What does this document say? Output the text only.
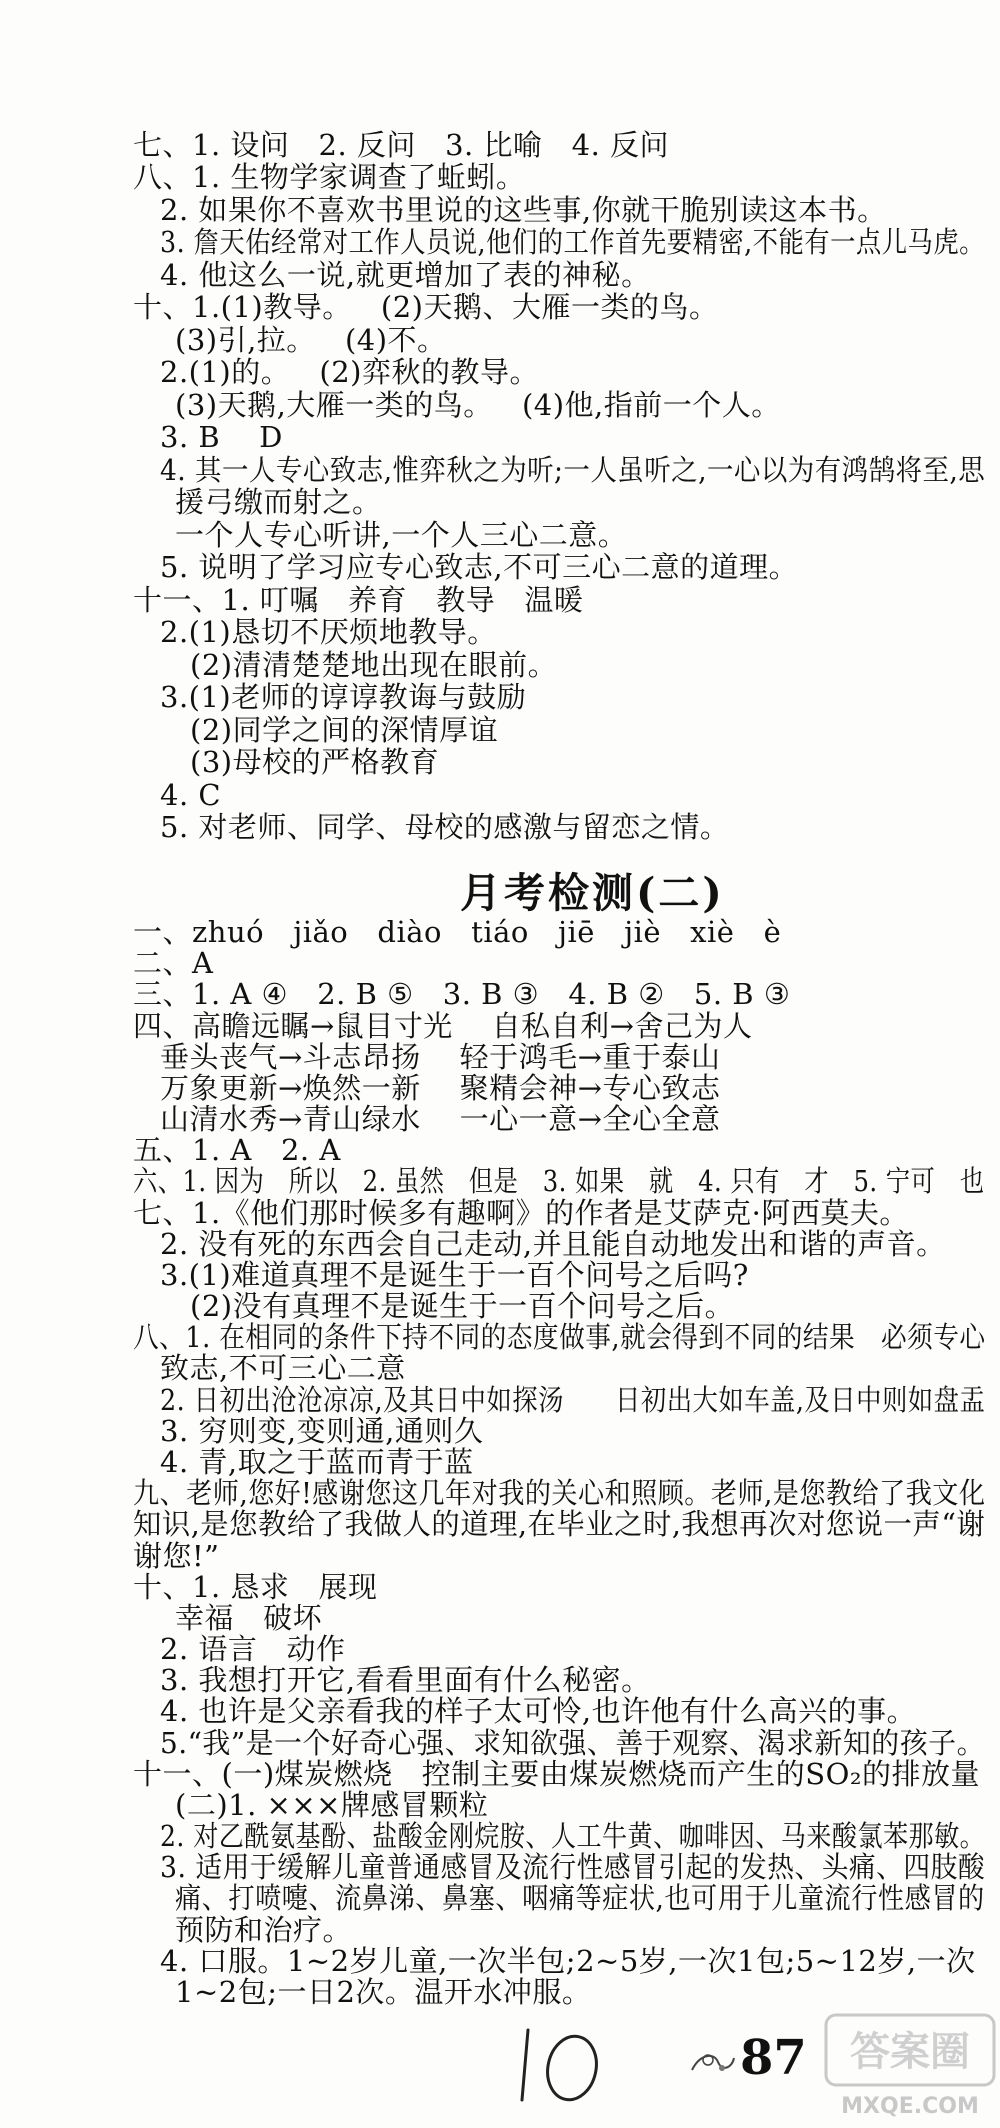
七、1. 设问   2. 反问   3. 比喻   4. 反问
八、1. 生物学家调查了蚯蚓。
2. 如果你不喜欢书里说的这些事,你就干脆别读这本书。
3. 詹天佑经常对工作人员说,他们的工作首先要精密,不能有一点儿马虎。
4. 他这么一说,就更增加了表的神秘。
十、1.(1)教导。   (2)天鹅、大雁一类的鸟。
(3)引,拉。   (4)不。
2.(1)的。   (2)弈秋的教导。
(3)天鹅,大雁一类的鸟。   (4)他,指前一个人。
3. B    D
4. 其一人专心致志,惟弈秋之为听;一人虽听之,一心以为有鸿鹄将至,思
援弓缴而射之。
一个人专心听讲,一个人三心二意。
5. 说明了学习应专心致志,不可三心二意的道理。
十一、1. 叮嘱   养育   教导   温暖
2.(1)恳切不厌烦地教导。
(2)清清楚楚地出现在眼前。
3.(1)老师的谆谆教诲与鼓励
(2)同学之间的深情厚谊
(3)母校的严格教育
4. C
5. 对老师、同学、母校的感激与留恋之情。
月考检测(二)
一、zhuó   jiǎo   diào   tiáo   jiē   jiè   xiè   è
二、A
三、1. A ④   2. B ⑤   3. B ③   4. B ②   5. B ③
四、高瞻远瞩→鼠目寸光    自私自利→舍己为人
垂头丧气→斗志昂扬    轻于鸿毛→重于泰山
万象更新→焕然一新    聚精会神→专心致志
山清水秀→青山绿水    一心一意→全心全意
五、1. A   2. A
六、1. 因为   所以   2. 虽然   但是   3. 如果   就   4. 只有   才   5. 宁可   也
七、1.《他们那时候多有趣啊》的作者是艾萨克·阿西莫夫。
2. 没有死的东西会自己走动,并且能自动地发出和谐的声音。
3.(1)难道真理不是诞生于一百个问号之后吗?
(2)没有真理不是诞生于一百个问号之后。
八、1. 在相同的条件下持不同的态度做事,就会得到不同的结果   必须专心
致志,不可三心二意
2. 日初出沧沧凉凉,及其日中如探汤      日初出大如车盖,及日中则如盘盂
3. 穷则变,变则通,通则久
4. 青,取之于蓝而青于蓝
九、老师,您好!感谢您这几年对我的关心和照顾。老师,是您教给了我文化
知识,是您教给了我做人的道理,在毕业之时,我想再次对您说一声“谢
谢您!”
十、1. 恳求   展现
幸福   破坏
2. 语言   动作
3. 我想打开它,看看里面有什么秘密。
4. 也许是父亲看我的样子太可怜,也许他有什么高兴的事。
5.“我”是一个好奇心强、求知欲强、善于观察、渴求新知的孩子。
十一、(一)煤炭燃烧   控制主要由煤炭燃烧而产生的SO₂的排放量
(二)1. ×××牌感冒颗粒
2. 对乙酰氨基酚、盐酸金刚烷胺、人工牛黄、咖啡因、马来酸氯苯那敏。
3. 适用于缓解儿童普通感冒及流行性感冒引起的发热、头痛、四肢酸
痛、打喷嚏、流鼻涕、鼻塞、咽痛等症状,也可用于儿童流行性感冒的
预防和治疗。
4. 口服。1~2岁儿童,一次半包;2~5岁,一次1包;5~12岁,一次
1~2包;一日2次。温开水冲服。
87 答案圈
MXQE.COM
